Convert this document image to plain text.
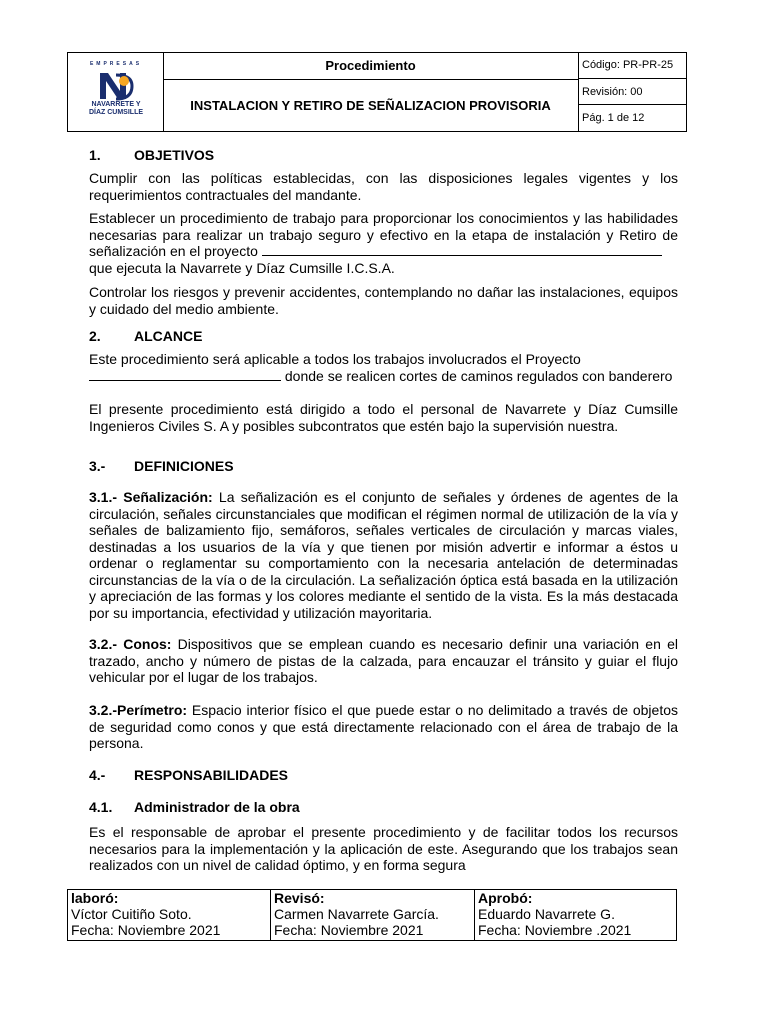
EMPRESAS
NAVARRETE Y
DÍAZ CUMSILLE
Procedimiento
INSTALACION Y RETIRO DE SEÑALIZACION PROVISORIA
Código: PR-PR-25
Revisión: 00
Pág. 1 de 12
1. OBJETIVOS
Cumplir con las políticas establecidas, con las disposiciones legales vigentes y los requerimientos contractuales del mandante.
Establecer un procedimiento de trabajo para proporcionar los conocimientos y las habilidades necesarias para realizar un trabajo seguro y efectivo en la etapa de instalación y Retiro de señalización en el proyecto
que ejecuta la Navarrete y Díaz Cumsille I.C.S.A.
Controlar los riesgos y prevenir accidentes, contemplando no dañar las instalaciones, equipos y cuidado del medio ambiente.
2. ALCANCE
Este procedimiento será aplicable a todos los trabajos involucrados el Proyecto
donde se realicen cortes de caminos regulados con banderero
El presente procedimiento está dirigido a todo el personal de Navarrete y Díaz Cumsille Ingenieros Civiles S. A y posibles subcontratos que estén bajo la supervisión nuestra.
3.- DEFINICIONES
3.1.- Señalización: La señalización es el conjunto de señales y órdenes de agentes de la circulación, señales circunstanciales que modifican el régimen normal de utilización de la vía y señales de balizamiento fijo, semáforos, señales verticales de circulación y marcas viales, destinadas a los usuarios de la vía y que tienen por misión advertir e informar a éstos u ordenar o reglamentar su comportamiento con la necesaria antelación de determinadas circunstancias de la vía o de la circulación. La señalización óptica está basada en la utilización y apreciación de las formas y los colores mediante el sentido de la vista. Es la más destacada por su importancia, efectividad y utilización mayoritaria.
3.2.- Conos: Dispositivos que se emplean cuando es necesario definir una variación en el trazado, ancho y número de pistas de la calzada, para encauzar el tránsito y guiar el flujo vehicular por el lugar de los trabajos.
3.2.-Perímetro: Espacio interior físico el que puede estar o no delimitado a través de objetos de seguridad como conos y que está directamente relacionado con el área de trabajo de la persona.
4.- RESPONSABILIDADES
4.1. Administrador de la obra
Es el responsable de aprobar el presente procedimiento y de facilitar todos los recursos necesarios para la implementación y la aplicación de este. Asegurando que los trabajos sean realizados con un nivel de calidad óptimo, y en forma segura
laboró:
Víctor Cuitiño Soto.
Fecha: Noviembre 2021
Revisó:
Carmen Navarrete García.
Fecha: Noviembre 2021
Aprobó:
Eduardo Navarrete G.
Fecha: Noviembre .2021
